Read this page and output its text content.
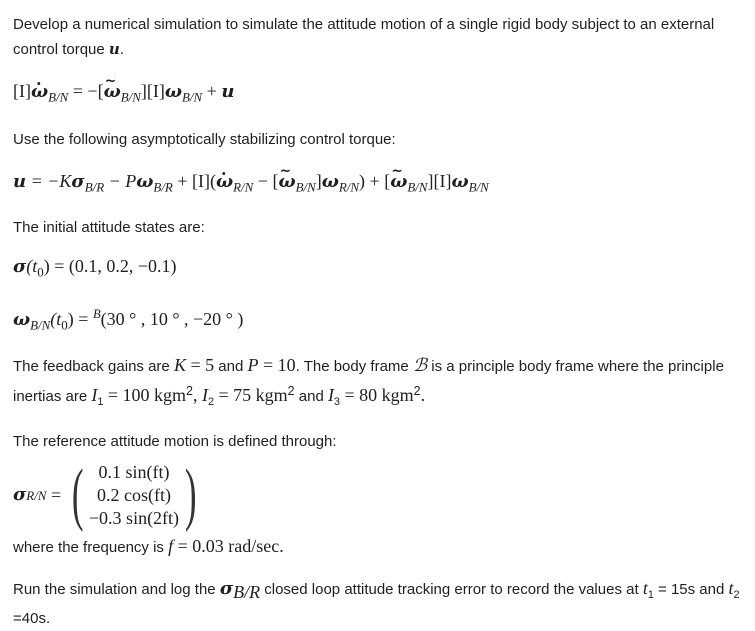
Develop a numerical simulation to simulate the attitude motion of a single rigid body subject to an external control torque u.

[I]. $\omega_{B/N}$ = −[~ $\omega_{B/N}][I]\omega_{B/N} + u$

Use the following asymptotically stabilizing control torque:

$u = -K\sigma_{B/R} - P\omega_{B/R} + [I]$(. $\omega_{R/N}$ − [~ $\omega_{B/N}]\omega_{R/N}$) + [~ $\omega_{B/N}][I]\omega_{B/N}$

The initial attitude states are:

$\sigma(t_0) = (0.1$, 0.2, −0.1)

$\omega_{B/N}(t_0) = ^B(30$ ° , 10 ° , −20 ° )

The feedback gains are K = 5 and P = 10. The body frame ℬ is a principle body frame where the principle inertias are $I_1 = 100$ kgm$^2$, $I_2 = 75$ kgm$^2$ and $I_3 = 80$ kgm$^2$.

The reference attitude motion is defined through:

σ R/N = ( 0.1 sin(ft)
0.2 cos(ft)
−0.3 sin(2ft) )

where the frequency is f = 0.03 rad/sec.

Run the simulation and log the $\sigma_{B/R}$ closed loop attitude tracking error to record the values at $t_1 = 15s$ and $t_2$
=40s.
